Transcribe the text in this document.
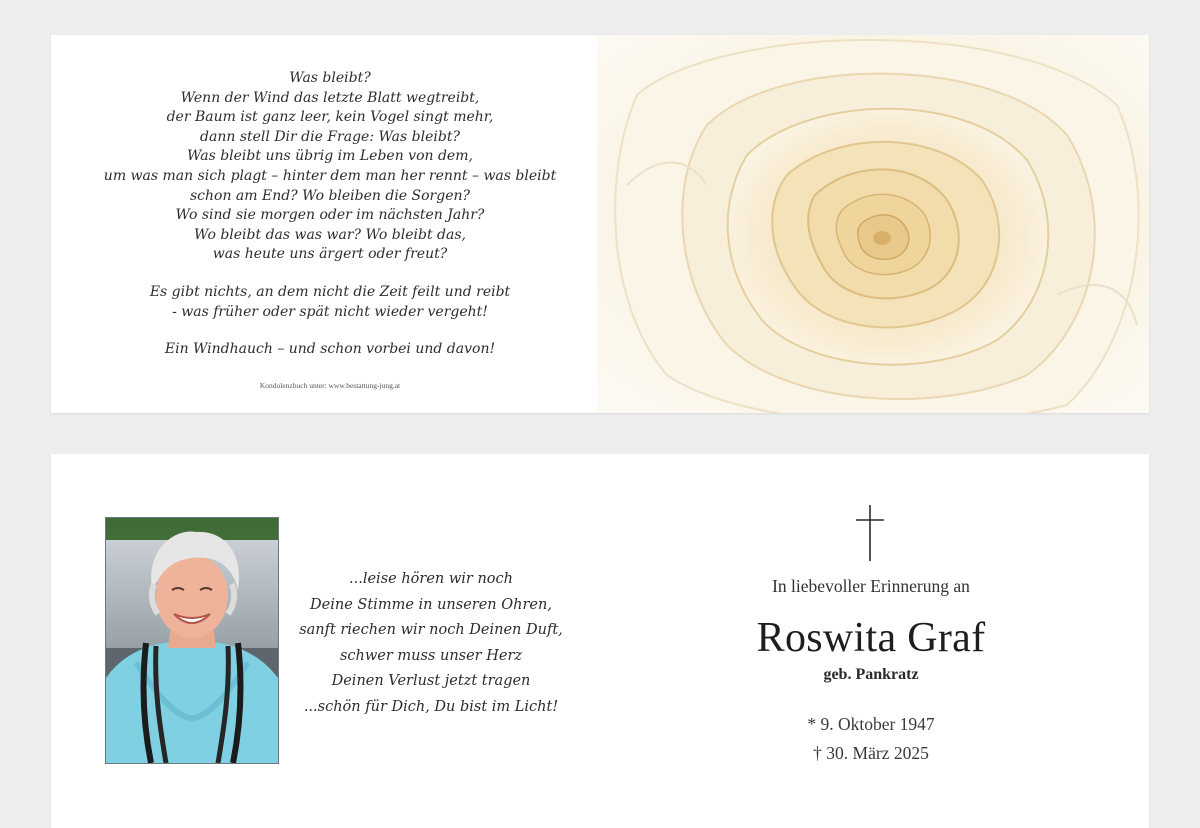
Was bleibt?
Wenn der Wind das letzte Blatt wegtreibt,
der Baum ist ganz leer, kein Vogel singt mehr,
dann stell Dir die Frage: Was bleibt?
Was bleibt uns übrig im Leben von dem,
um was man sich plagt – hinter dem man her rennt – was bleibt
schon am End? Wo bleiben die Sorgen?
Wo sind sie morgen oder im nächsten Jahr?
Wo bleibt das was war? Wo bleibt das,
was heute uns ärgert oder freut?
Es gibt nichts, an dem nicht die Zeit feilt und reibt
- was früher oder spät nicht wieder vergeht!
Ein Windhauch – und schon vorbei und davon!
Kondolenzbuch unter: www.bestattung-jung.at
...leise hören wir noch
Deine Stimme in unseren Ohren,
sanft riechen wir noch Deinen Duft,
schwer muss unser Herz
Deinen Verlust jetzt tragen
...schön für Dich, Du bist im Licht!
In liebevoller Erinnerung an
Roswita Graf
geb. Pankratz
* 9. Oktober 1947
† 30. März 2025
